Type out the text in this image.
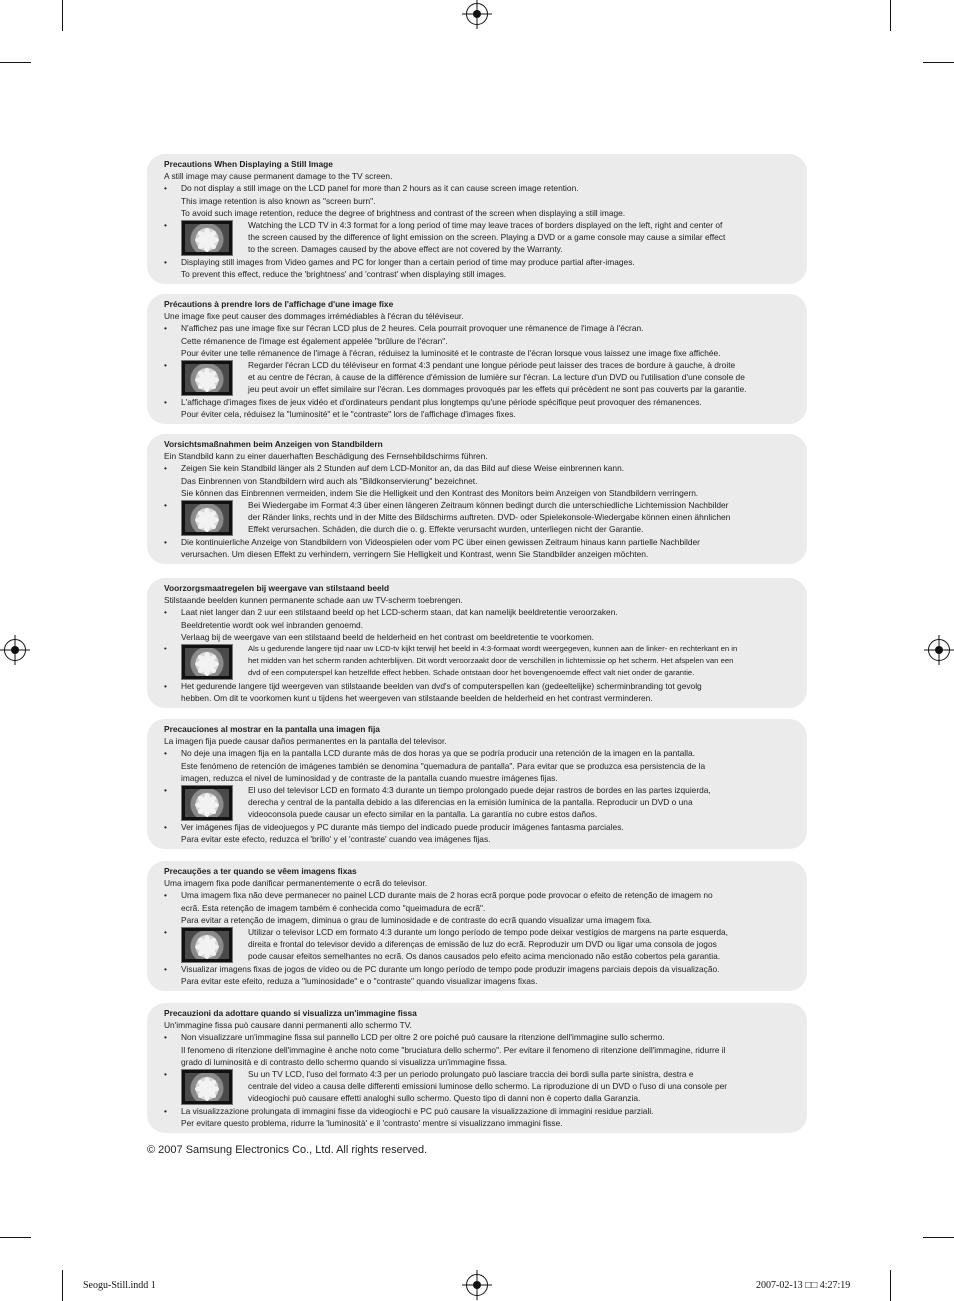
Precautions When Displaying a Still Image
A still image may cause permanent damage to the TV screen.
• Do not display a still image on the LCD panel for more than 2 hours as it can cause screen image retention.
This image retention is also known as "screen burn".
To avoid such image retention, reduce the degree of brightness and contrast of the screen when displaying a still image.
Watching the LCD TV in 4:3 format for a long period of time may leave traces of borders displayed on the left, right and center of
•
the screen caused by the difference of light emission on the screen. Playing a DVD or a game console may cause a similar effect
to the screen. Damages caused by the above effect are not covered by the Warranty.
• Displaying still images from Video games and PC for longer than a certain period of time may produce partial after-images.
To prevent this effect, reduce the 'brightness' and 'contrast' when displaying still images.
Précautions à prendre lors de l'affichage d'une image fixe
Une image fixe peut causer des dommages irrémédiables à l'écran du téléviseur.
• N'affichez pas une image fixe sur l'écran LCD plus de 2 heures. Cela pourrait provoquer une rémanence de l'image à l'écran.
Cette rémanence de l'image est également appelée "brûlure de l'écran".
Pour éviter une telle rémanence de l'image à l'écran, réduisez la luminosité et le contraste de l'écran lorsque vous laissez une image fixe affichée.
Regarder l'écran LCD du téléviseur en format 4:3 pendant une longue période peut laisser des traces de bordure à gauche, à droite
•
et au centre de l'écran, à cause de la différence d'émission de lumière sur l'écran. La lecture d'un DVD ou l'utilisation d'une console de
jeu peut avoir un effet similaire sur l'écran. Les dommages provoqués par les effets qui précèdent ne sont pas couverts par la garantie.
• L'affichage d'images fixes de jeux vidéo et d'ordinateurs pendant plus longtemps qu'une période spécifique peut provoquer des rémanences.
Pour éviter cela, réduisez la "luminosité" et le "contraste" lors de l'affichage d'images fixes.
Vorsichtsmaßnahmen beim Anzeigen von Standbildern
Ein Standbild kann zu einer dauerhaften Beschädigung des Fernsehbildschirms führen.
• Zeigen Sie kein Standbild länger als 2 Stunden auf dem LCD-Monitor an, da das Bild auf diese Weise einbrennen kann.
Das Einbrennen von Standbildern wird auch als "Bildkonservierung" bezeichnet.
Sie können das Einbrennen vermeiden, indem Sie die Helligkeit und den Kontrast des Monitors beim Anzeigen von Standbildern verringern.
Bei Wiedergabe im Format 4:3 über einen längeren Zeitraum können bedingt durch die unterschiedliche Lichtemission Nachbilder
•
der Ränder links, rechts und in der Mitte des Bildschirms auftreten. DVD- oder Spielekonsole-Wiedergabe können einen ähnlichen
Effekt verursachen. Schäden, die durch die o. g. Effekte verursacht wurden, unterliegen nicht der Garantie.
• Die kontinuierliche Anzeige von Standbildern von Videospielen oder vom PC über einen gewissen Zeitraum hinaus kann partielle Nachbilder
verursachen. Um diesen Effekt zu verhindern, verringern Sie Helligkeit und Kontrast, wenn Sie Standbilder anzeigen möchten.
Voorzorgsmaatregelen bij weergave van stilstaand beeld
Stilstaande beelden kunnen permanente schade aan uw TV-scherm toebrengen.
• Laat niet langer dan 2 uur een stilstaand beeld op het LCD-scherm staan, dat kan namelijk beeldretentie veroorzaken.
Beeldretentie wordt ook wel inbranden genoemd.
Verlaag bij de weergave van een stilstaand beeld de helderheid en het contrast om beeldretentie te voorkomen.
Als u gedurende langere tijd naar uw LCD-tv kijkt terwijl het beeld in 4:3-formaat wordt weergegeven, kunnen aan de linker- en rechterkant en in
•
het midden van het scherm randen achterblijven. Dit wordt veroorzaakt door de verschillen in lichtemissie op het scherm. Het afspelen van een
dvd of een computerspel kan hetzelfde effect hebben. Schade ontstaan door het bovengenoemde effect valt niet onder de garantie.
• Het gedurende langere tijd weergeven van stilstaande beelden van dvd's of computerspellen kan (gedeeltelijke) scherminbranding tot gevolg
hebben. Om dit te voorkomen kunt u tijdens het weergeven van stilstaande beelden de helderheid en het contrast verminderen.
Precauciones al mostrar en la pantalla una imagen fija
La imagen fija puede causar daños permanentes en la pantalla del televisor.
• No deje una imagen fija en la pantalla LCD durante más de dos horas ya que se podría producir una retención de la imagen en la pantalla.
Este fenómeno de retención de imágenes también se denomina "quemadura de pantalla". Para evitar que se produzca esa persistencia de la
imagen, reduzca el nivel de luminosidad y de contraste de la pantalla cuando muestre imágenes fijas.
El uso del televisor LCD en formato 4:3 durante un tiempo prolongado puede dejar rastros de bordes en las partes izquierda,
•
derecha y central de la pantalla debido a las diferencias en la emisión lumínica de la pantalla. Reproducir un DVD o una
videoconsola puede causar un efecto similar en la pantalla. La garantía no cubre estos daños.
• Ver imágenes fijas de videojuegos y PC durante más tiempo del indicado puede producir imágenes fantasma parciales.
Para evitar este efecto, reduzca el 'brillo' y el 'contraste' cuando vea imágenes fijas.
Precauções a ter quando se vêem imagens fixas
Uma imagem fixa pode danificar permanentemente o ecrã do televisor.
• Uma imagem fixa não deve permanecer no painel LCD durante mais de 2 horas ecrã porque pode provocar o efeito de retenção de imagem no
ecrã. Esta retenção de imagem também é conhecida como "queimadura de ecrã".
Para evitar a retenção de imagem, diminua o grau de luminosidade e de contraste do ecrã quando visualizar uma imagem fixa.
Utilizar o televisor LCD em formato 4:3 durante um longo período de tempo pode deixar vestígios de margens na parte esquerda,
•
direita e frontal do televisor devido a diferenças de emissão de luz do ecrã. Reproduzir um DVD ou ligar uma consola de jogos
pode causar efeitos semelhantes no ecrã. Os danos causados pelo efeito acima mencionado não estão cobertos pela garantia.
• Visualizar imagens fixas de jogos de vídeo ou de PC durante um longo período de tempo pode produzir imagens parciais depois da visualização.
Para evitar este efeito, reduza a "luminosidade" e o "contraste" quando visualizar imagens fixas.
Precauzioni da adottare quando si visualizza un'immagine fissa
Un'immagine fissa può causare danni permanenti allo schermo TV.
• Non visualizzare un'immagine fissa sul pannello LCD per oltre 2 ore poiché può causare la ritenzione dell'immagine sullo schermo.
Il fenomeno di ritenzione dell'immagine è anche noto come "bruciatura dello schermo". Per evitare il fenomeno di ritenzione dell'immagine, ridurre il
grado di luminosità e di contrasto dello schermo quando si visualizza un'immagine fissa.
Su un TV LCD, l'uso del formato 4:3 per un periodo prolungato può lasciare traccia dei bordi sulla parte sinistra, destra e
•
centrale del video a causa delle differenti emissioni luminose dello schermo. La riproduzione di un DVD o l'uso di una console per
videogiochi può causare effetti analoghi sullo schermo. Questo tipo di danni non è coperto dalla Garanzia.
• La visualizzazione prolungata di immagini fisse da videogiochi e PC può causare la visualizzazione di immagini residue parziali.
Per evitare questo problema, ridurre la 'luminosità' e il 'contrasto' mentre si visualizzano immagini fisse.
© 2007 Samsung Electronics Co., Ltd. All rights reserved.
Seogu-Still.indd 1	2007-02-13 □□ 4:27:19
